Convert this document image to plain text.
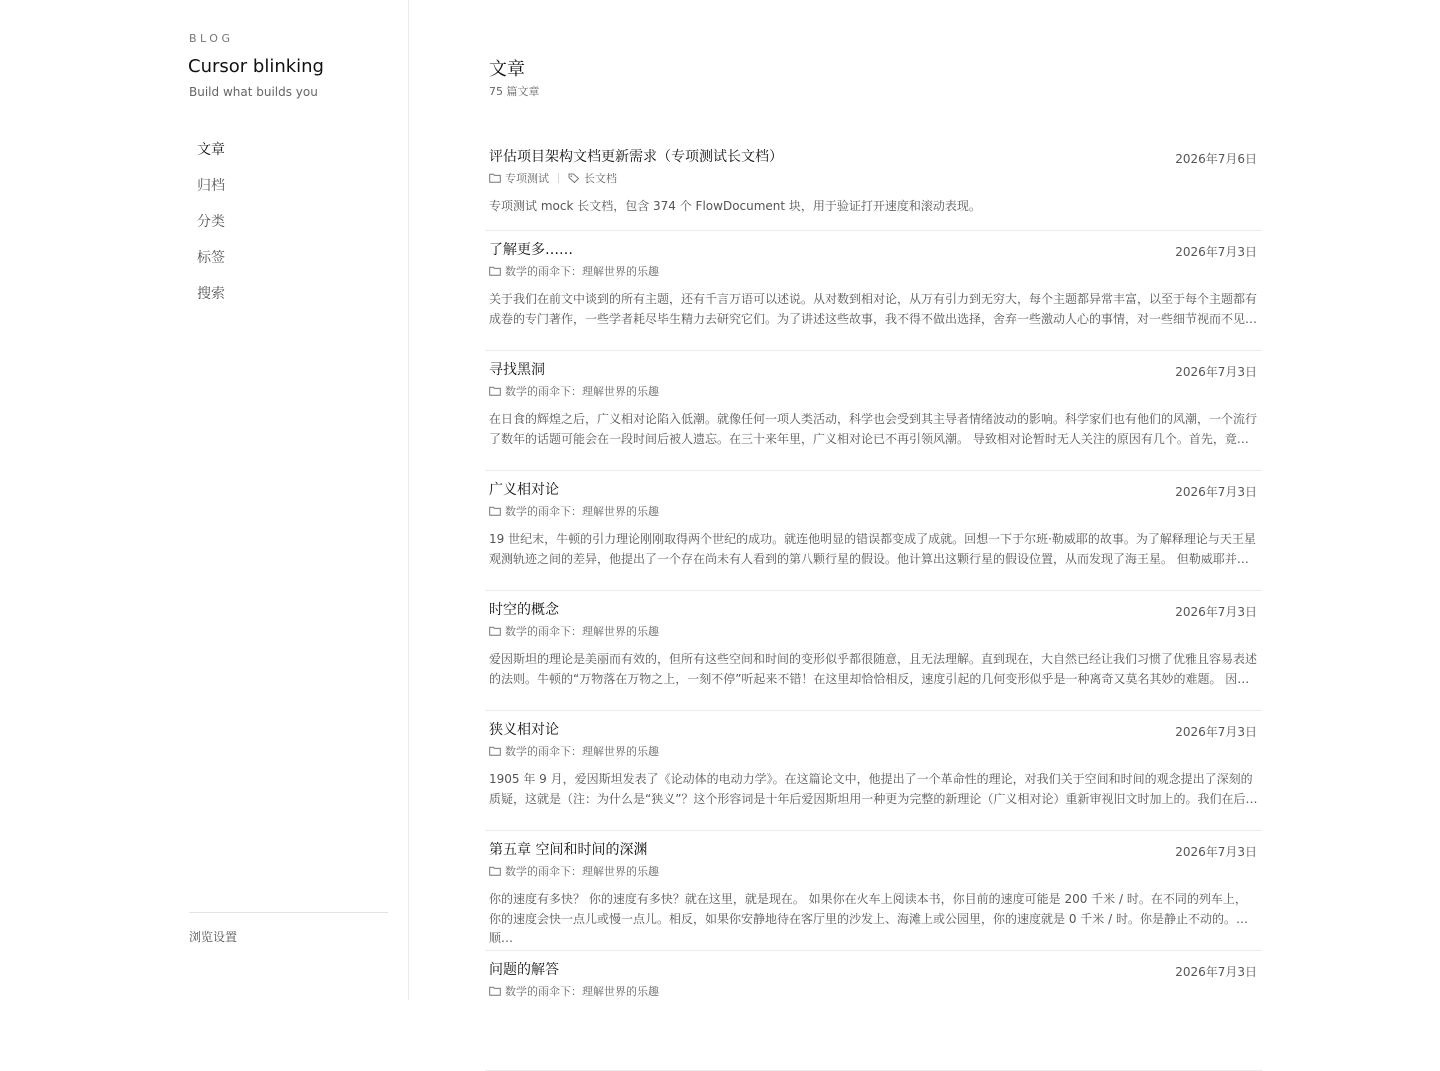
BLOG
Cursor blinking
Build what builds you
文章
归档
分类
标签
搜索
浏览设置
文章
75 篇文章
评估项目架构文档更新需求（专项测试长文档）	2026年7月6日
专项测试	长文档
专项测试 mock 长文档，包含 374 个 FlowDocument 块，用于验证打开速度和滚动表现。
了解更多……	2026年7月3日
数学的雨伞下：理解世界的乐趣
关于我们在前文中谈到的所有主题，还有千言万语可以述说。从对数到相对论，从万有引力到无穷大，每个主题都异常丰富，以至于每个主题都有成卷的专门著作，一些学者耗尽毕生精力去研究它们。为了讲述这些故事，我不得不做出选择，舍弃一些激动人心的事情，对一些细节视而不见…
寻找黑洞	2026年7月3日
数学的雨伞下：理解世界的乐趣
在日食的辉煌之后，广义相对论陷入低潮。就像任何一项人类活动，科学也会受到其主导者情绪波动的影响。科学家们也有他们的风潮，一个流行了数年的话题可能会在一段时间后被人遗忘。在三十来年里，广义相对论已不再引领风潮。 导致相对论暂时无人关注的原因有几个。首先，竟…
广义相对论	2026年7月3日
数学的雨伞下：理解世界的乐趣
19 世纪末，牛顿的引力理论刚刚取得两个世纪的成功。就连他明显的错误都变成了成就。回想一下于尔班·勒威耶的故事。为了解释理论与天王星观测轨迹之间的差异，他提出了一个存在尚未有人看到的第八颗行星的假设。他计算出这颗行星的假设位置，从而发现了海王星。 但勒威耶并…
时空的概念	2026年7月3日
数学的雨伞下：理解世界的乐趣
爱因斯坦的理论是美丽而有效的，但所有这些空间和时间的变形似乎都很随意，且无法理解。直到现在，大自然已经让我们习惯了优雅且容易表述的法则。牛顿的“万物落在万物之上，一刻不停”听起来不错！在这里却恰恰相反，速度引起的几何变形似乎是一种离奇又莫名其妙的难题。 因…
狭义相对论	2026年7月3日
数学的雨伞下：理解世界的乐趣
1905 年 9 月，爱因斯坦发表了《论动体的电动力学》。在这篇论文中，他提出了一个革命性的理论，对我们关于空间和时间的观念提出了深刻的质疑，这就是（注：为什么是“狭义”？这个形容词是十年后爱因斯坦用一种更为完整的新理论（广义相对论）重新审视旧文时加上的。我们在后…
第五章 空间和时间的深渊	2026年7月3日
数学的雨伞下：理解世界的乐趣
你的速度有多快？ 你的速度有多快？就在这里，就是现在。 如果你在火车上阅读本书，你目前的速度可能是 200 千米 / 时。在不同的列车上，你的速度会快一点儿或慢一点儿。相反，如果你安静地待在客厅里的沙发上、海滩上或公园里，你的速度就是 0 千米 / 时。你是静止不动的。 顺…
问题的解答	2026年7月3日
数学的雨伞下：理解世界的乐趣
